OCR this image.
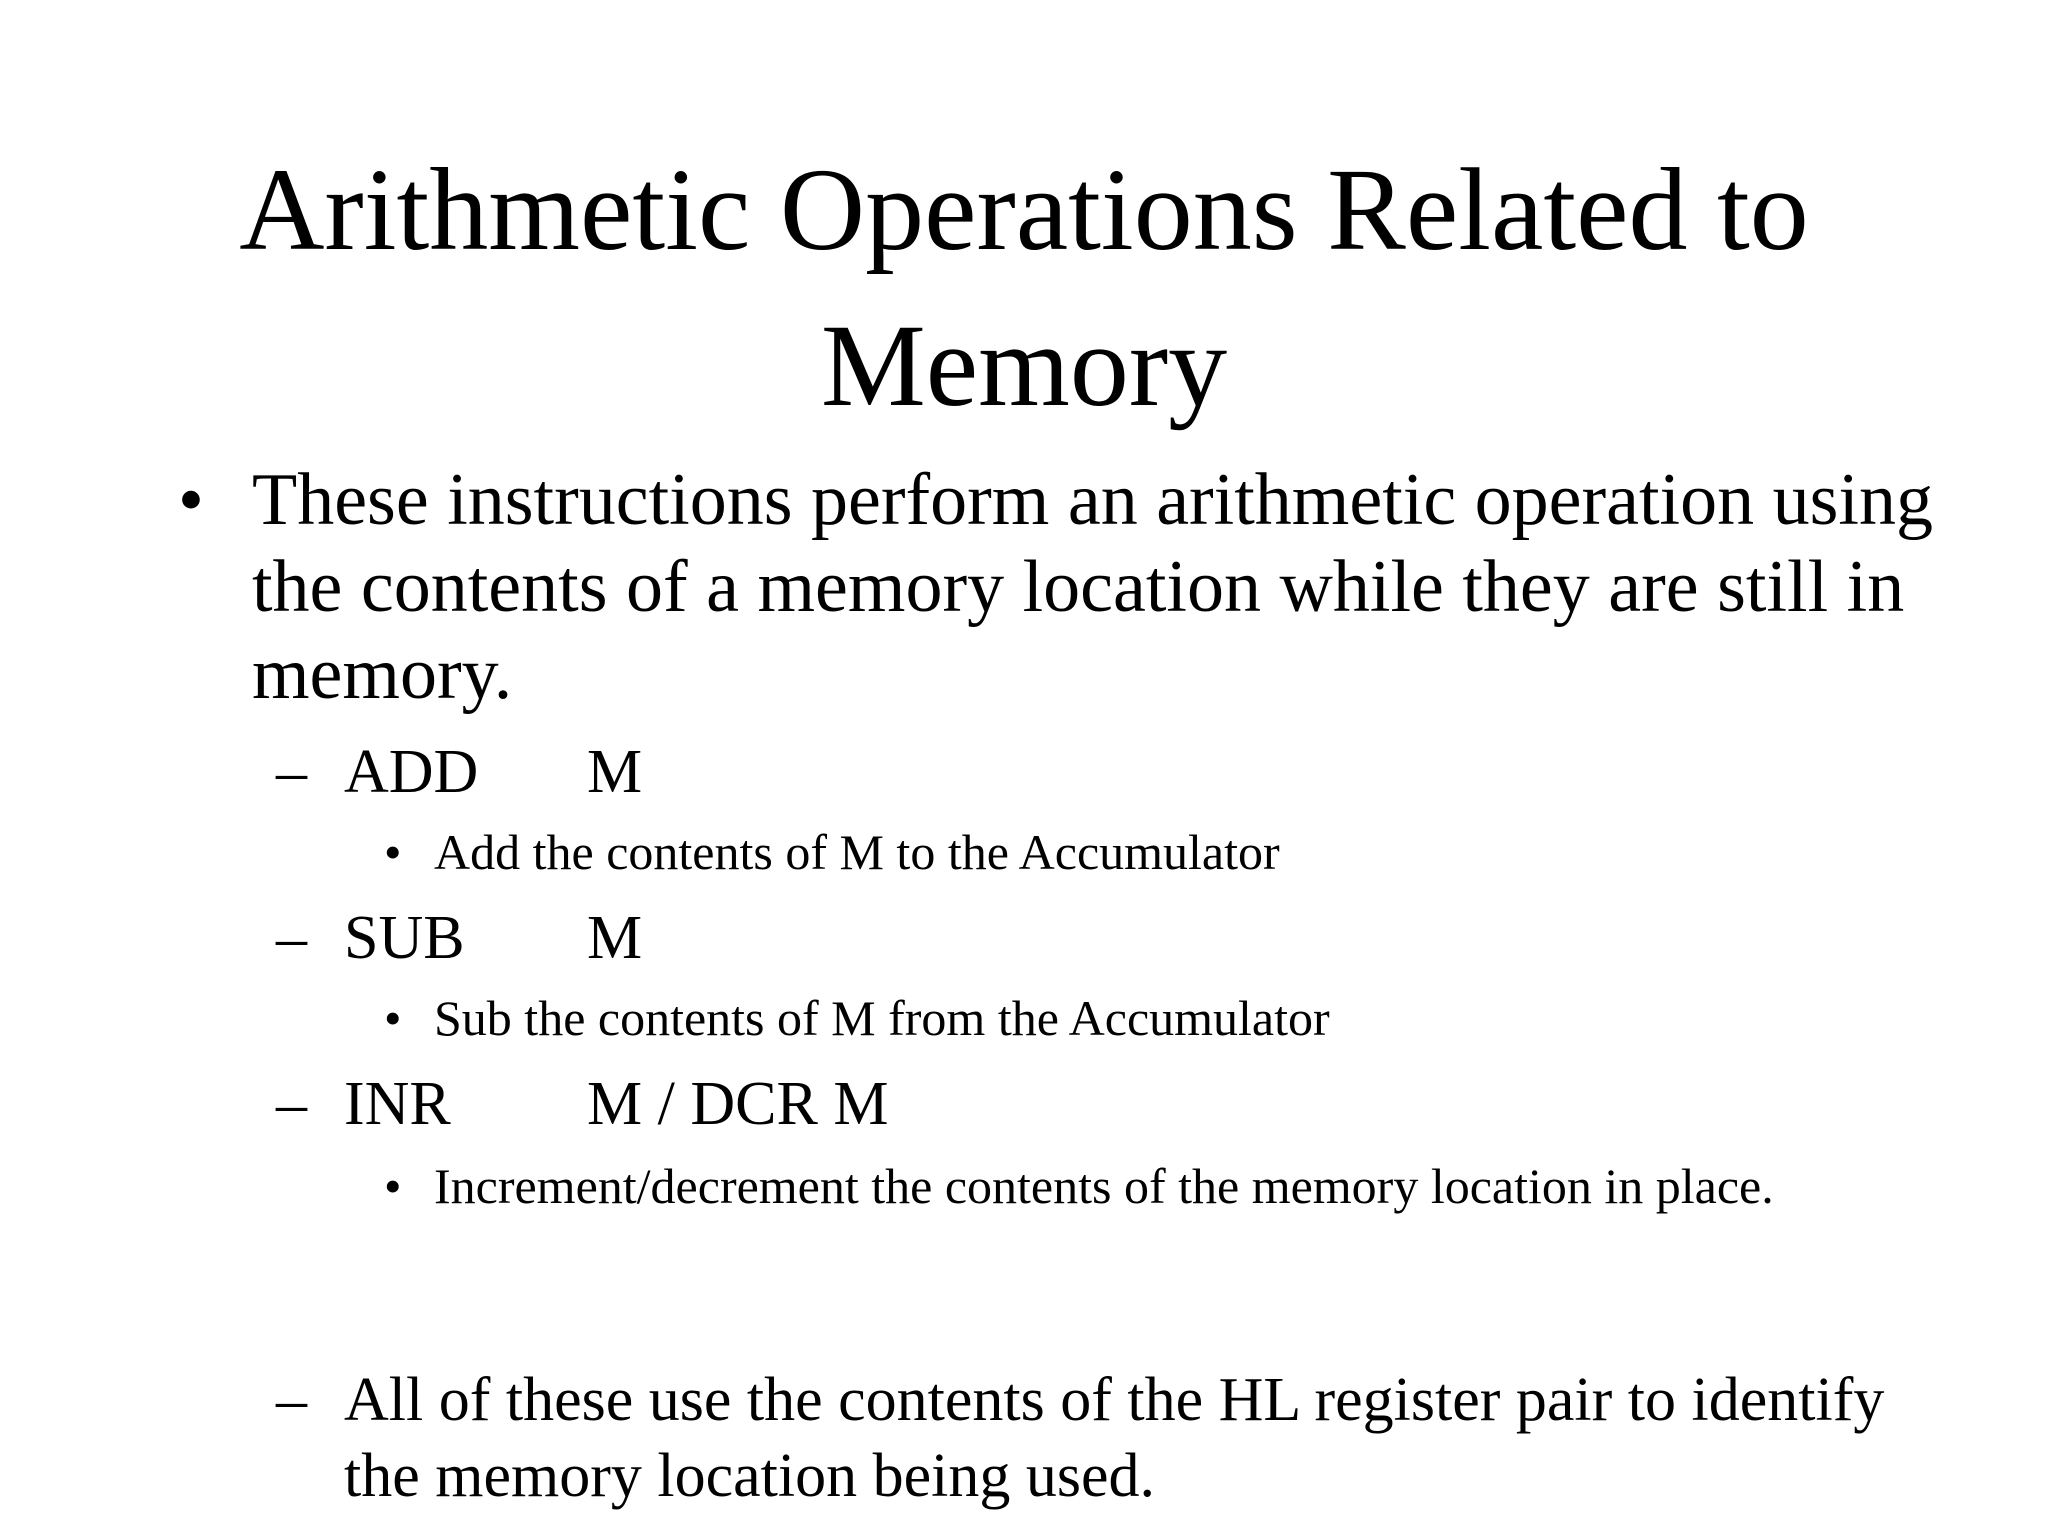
Arithmetic Operations Related to
Memory
• These instructions perform an arithmetic operation using the contents of a memory location while they are still in memory.
– ADD M
• Add the contents of M to the Accumulator
– SUB M
• Sub the contents of M from the Accumulator
– INR M / DCR M
• Increment/decrement the contents of the memory location in place.
– All of these use the contents of the HL register pair to identify the memory location being used.
